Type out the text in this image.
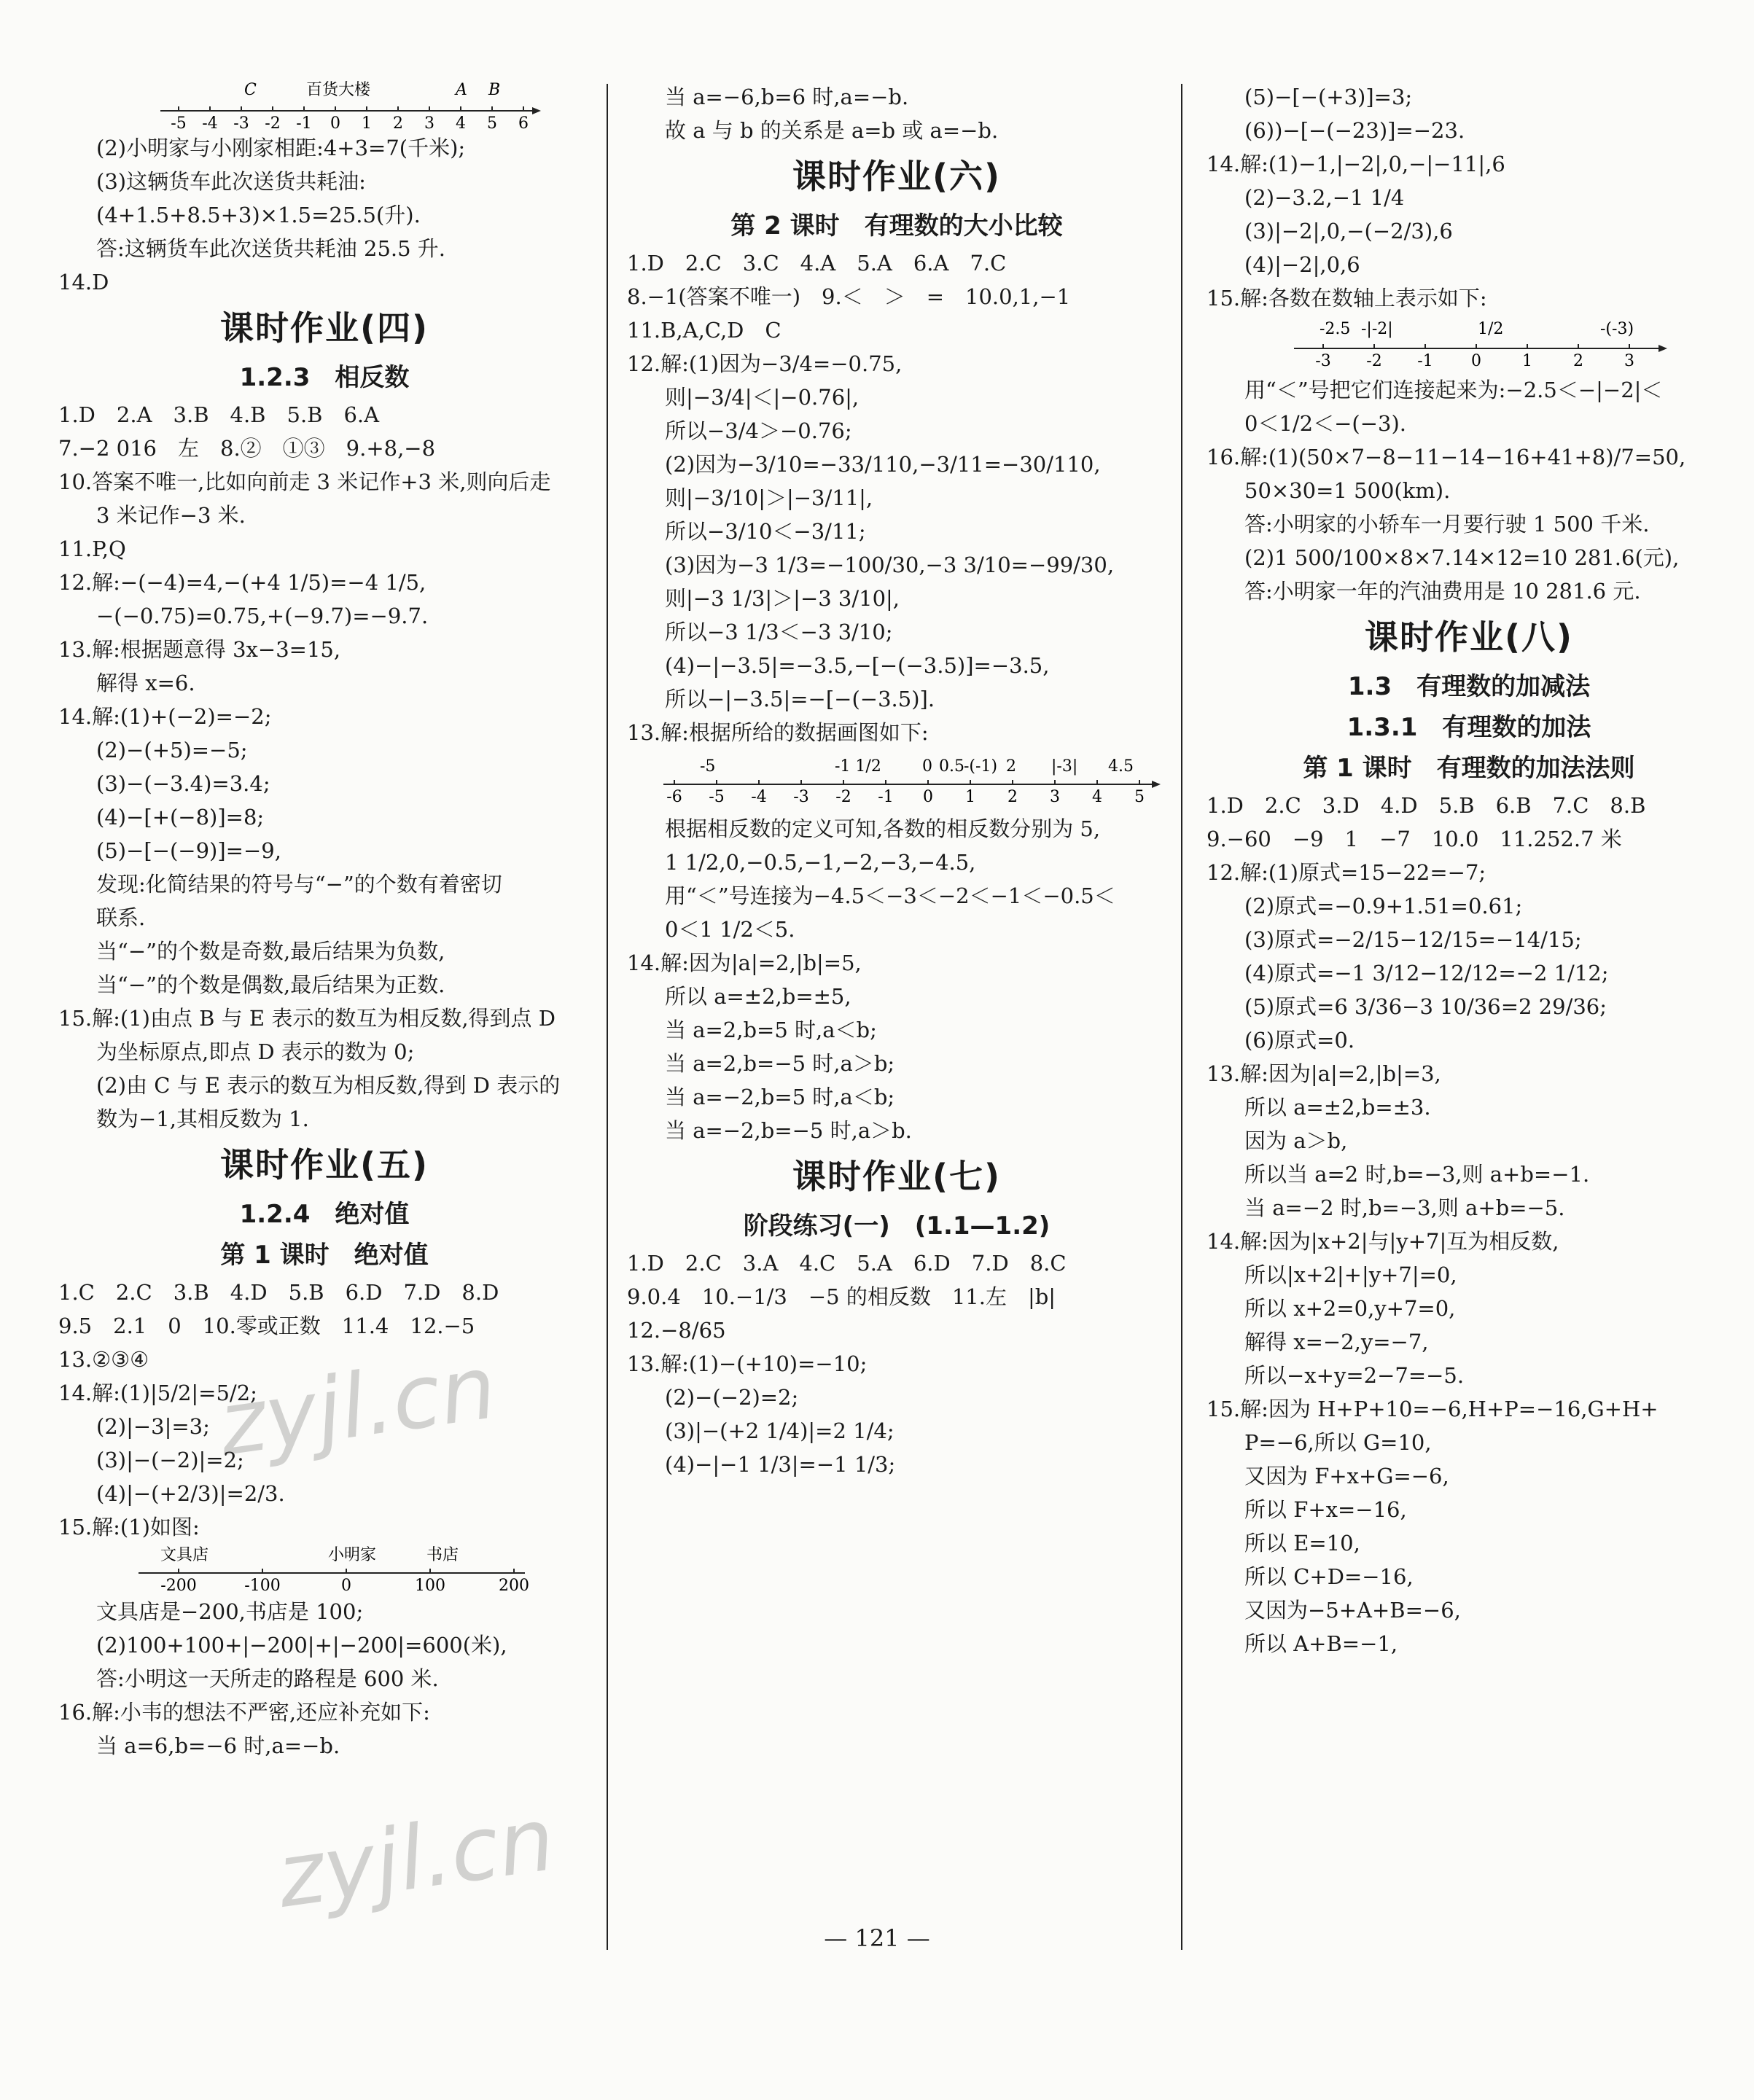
-5 -4 -3 -2 -1 0 1 2 3 4 5 6
C	百货大楼	A B
(2)小明家与小刚家相距:4+3=7(千米);
(3)这辆货车此次送货共耗油:
(4+1.5+8.5+3)×1.5=25.5(升).
答:这辆货车此次送货共耗油 25.5 升.
14.D
课时作业(四)
1.2.3　相反数
1.D　2.A　3.B　4.B　5.B　6.A
7.−2 016　左　8.②　①③　9.+8,−8
10.答案不唯一,比如向前走 3 米记作+3 米,则向后走
3 米记作−3 米.
11.P,Q
12.解:−(−4)=4,−(+4 1/5)=−4 1/5,
−(−0.75)=0.75,+(−9.7)=−9.7.
13.解:根据题意得 3x−3=15,
解得 x=6.
14.解:(1)+(−2)=−2;
(2)−(+5)=−5;
(3)−(−3.4)=3.4;
(4)−[+(−8)]=8;
(5)−[−(−9)]=−9,
发现:化简结果的符号与“−”的个数有着密切
联系.
当“−”的个数是奇数,最后结果为负数,
当“−”的个数是偶数,最后结果为正数.
15.解:(1)由点 B 与 E 表示的数互为相反数,得到点 D
为坐标原点,即点 D 表示的数为 0;
(2)由 C 与 E 表示的数互为相反数,得到 D 表示的
数为−1,其相反数为 1.
课时作业(五)
1.2.4　绝对值
第 1 课时　绝对值
1.C　2.C　3.B　4.D　5.B　6.D　7.D　8.D
9.5　2.1　0　10.零或正数　11.4　12.−5
13.②③④
14.解:(1)|5/2|=5/2;
(2)|−3|=3;
(3)|−(−2)|=2;
(4)|−(+2/3)|=2/3.
15.解:(1)如图:
文具店	小明家	书店
-200	-100	0	100	200
文具店是−200,书店是 100;
(2)100+100+|−200|+|−200|=600(米),
答:小明这一天所走的路程是 600 米.
16.解:小韦的想法不严密,还应补充如下:
当 a=6,b=−6 时,a=−b.
当 a=−6,b=6 时,a=−b.
故 a 与 b 的关系是 a=b 或 a=−b.
课时作业(六)
第 2 课时　有理数的大小比较
1.D　2.C　3.C　4.A　5.A　6.A　7.C
8.−1(答案不唯一)　9.＜　＞　=　10.0,1,−1
11.B,A,C,D　C
12.解:(1)因为−3/4=−0.75,
则|−3/4|＜|−0.76|,
所以−3/4＞−0.76;
(2)因为−3/10=−33/110,−3/11=−30/110,
则|−3/10|＞|−3/11|,
所以−3/10＜−3/11;
(3)因为−3 1/3=−100/30,−3 3/10=−99/30,
则|−3 1/3|＞|−3 3/10|,
所以−3 1/3＜−3 3/10;
(4)−|−3.5|=−3.5,−[−(−3.5)]=−3.5,
所以−|−3.5|=−[−(−3.5)].
13.解:根据所给的数据画图如下:
-6 -5 -4 -3 -2 -1 0 1 2 3 4 5
-5	-1 1/2	0 0.5 -(-1) 2 |-3| 4.5
根据相反数的定义可知,各数的相反数分别为 5,
1 1/2,0,−0.5,−1,−2,−3,−4.5,
用“＜”号连接为−4.5＜−3＜−2＜−1＜−0.5＜
0＜1 1/2＜5.
14.解:因为|a|=2,|b|=5,
所以 a=±2,b=±5,
当 a=2,b=5 时,a＜b;
当 a=2,b=−5 时,a＞b;
当 a=−2,b=5 时,a＜b;
当 a=−2,b=−5 时,a＞b.
课时作业(七)
阶段练习(一)　(1.1—1.2)
1.D　2.C　3.A　4.C　5.A　6.D　7.D　8.C
9.0.4　10.−1/3　−5 的相反数　11.左　|b|
12.−8/65
13.解:(1)−(+10)=−10;
(2)−(−2)=2;
(3)|−(+2 1/4)|=2 1/4;
(4)−|−1 1/3|=−1 1/3;
(5)−[−(+3)]=3;
(6))−[−(−23)]=−23.
14.解:(1)−1,|−2|,0,−|−11|,6
(2)−3.2,−1 1/4
(3)|−2|,0,−(−2/3),6
(4)|−2|,0,6
15.解:各数在数轴上表示如下:
-3 -2 -1 0	1	2	3
-2.5 -|-2|	1/2	-(-3)
用“＜”号把它们连接起来为:−2.5＜−|−2|＜
0＜1/2＜−(−3).
16.解:(1)(50×7−8−11−14−16+41+8)/7=50,
50×30=1 500(km).
答:小明家的小轿车一月要行驶 1 500 千米.
(2)1 500/100×8×7.14×12=10 281.6(元),
答:小明家一年的汽油费用是 10 281.6 元.
课时作业(八)
1.3　有理数的加减法
1.3.1　有理数的加法
第 1 课时　有理数的加法法则
1.D　2.C　3.D　4.D　5.B　6.B　7.C　8.B
9.−60　−9　1　−7　10.0　11.252.7 米
12.解:(1)原式=15−22=−7;
(2)原式=−0.9+1.51=0.61;
(3)原式=−2/15−12/15=−14/15;
(4)原式=−1 3/12−12/12=−2 1/12;
(5)原式=6 3/36−3 10/36=2 29/36;
(6)原式=0.
13.解:因为|a|=2,|b|=3,
所以 a=±2,b=±3.
因为 a＞b,
所以当 a=2 时,b=−3,则 a+b=−1.
当 a=−2 时,b=−3,则 a+b=−5.
14.解:因为|x+2|与|y+7|互为相反数,
所以|x+2|+|y+7|=0,
所以 x+2=0,y+7=0,
解得 x=−2,y=−7,
所以−x+y=2−7=−5.
15.解:因为 H+P+10=−6,H+P=−16,G+H+
P=−6,所以 G=10,
又因为 F+x+G=−6,
所以 F+x=−16,
所以 E=10,
所以 C+D=−16,
又因为−5+A+B=−6,
所以 A+B=−1,
— 121 —
zyjl.cn
zyjl.cn
